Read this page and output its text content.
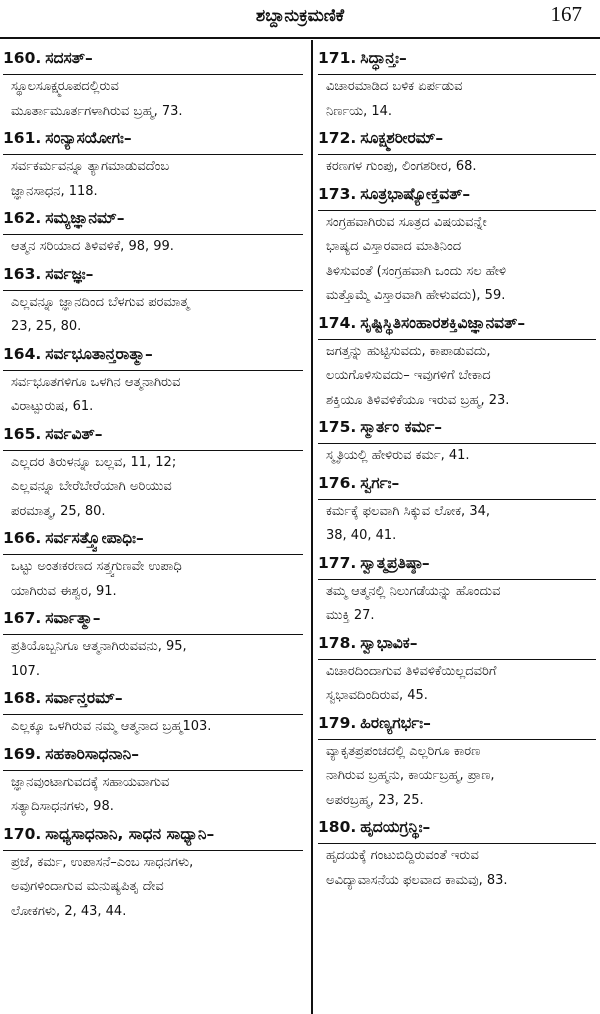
ಶಬ್ದಾನುಕ್ರಮಣಿಕೆ	167
160. ಸದಸತ್–
ಸ್ಥೂಲಸೂಕ್ಷ್ಮರೂಪದಲ್ಲಿರುವ
ಮೂರ್ತಾಮೂರ್ತಗಳಾಗಿರುವ ಬ್ರಹ್ಮ, 73.
161. ಸಂನ್ಯಾಸಯೋಗಃ–
ಸರ್ವಕರ್ಮವನ್ನೂ ತ್ಯಾಗಮಾಡುವದೆಂಬ
ಜ್ಞಾನಸಾಧನ, 118.
162. ಸಮ್ಯಜ್ಞಾನಮ್–
ಆತ್ಮನ ಸರಿಯಾದ ತಿಳಿವಳಿಕೆ, 98, 99.
163. ಸರ್ವಜ್ಞಃ–
ಎಲ್ಲವನ್ನೂ ಜ್ಞಾನದಿಂದ ಬೆಳಗುವ ಪರಮಾತ್ಮ
23, 25, 80.
164. ಸರ್ವಭೂತಾನ್ತರಾತ್ಮಾ–
ಸರ್ವಭೂತಗಳಿಗೂ ಒಳಗಿನ ಆತ್ಮನಾಗಿರುವ
ವಿರಾಟ್ಪುರುಷ, 61.
165. ಸರ್ವವಿತ್–
ಎಲ್ಲದರ ತಿರುಳನ್ನೂ ಬಲ್ಲವ, 11, 12;
ಎಲ್ಲವನ್ನೂ ಬೇರೆಬೇರೆಯಾಗಿ ಅರಿಯುವ
ಪರಮಾತ್ಮ, 25, 80.
166. ಸರ್ವಸತ್ತ್ವೋಪಾಧಿಃ–
ಒಟ್ಟು ಅಂತಃಕರಣದ ಸತ್ತ್ವಗುಣವೇ ಉಪಾಧಿ
ಯಾಗಿರುವ ಈಶ್ವರ, 91.
167. ಸರ್ವಾತ್ಮಾ–
ಪ್ರತಿಯೊಬ್ಬನಿಗೂ ಆತ್ಮನಾಗಿರುವವನು, 95,
107.
168. ಸರ್ವಾನ್ತರಮ್–
ಎಲ್ಲಕ್ಕೂ ಒಳಗಿರುವ ನಮ್ಮ ಆತ್ಮನಾದ ಬ್ರಹ್ಮ103.
169. ಸಹಕಾರಿಸಾಧನಾನಿ–
ಜ್ಞಾನವುಂಟಾಗುವದಕ್ಕೆ ಸಹಾಯವಾಗುವ
ಸತ್ಯಾದಿಸಾಧನಗಳು, 98.
170. ಸಾಧ್ಯಸಾಧನಾನಿ, ಸಾಧನ ಸಾಧ್ಯಾನಿ–
ಪ್ರಜೆ, ಕರ್ಮ, ಉಪಾಸನೆ–ಎಂಬ ಸಾಧನಗಳು,
ಅವುಗಳಿಂದಾಗುವ ಮನುಷ್ಯಪಿತೃ ದೇವ
ಲೋಕಗಳು, 2, 43, 44.
171. ಸಿದ್ಧಾನ್ತಃ–
ವಿಚಾರಮಾಡಿದ ಬಳಿಕ ಏರ್ಪಡುವ
ನಿರ್ಣಯ, 14.
172. ಸೂಕ್ಷ್ಮಶರೀರಮ್–
ಕರಣಗಳ ಗುಂಪು, ಲಿಂಗಶರೀರ, 68.
173. ಸೂತ್ರಭಾಷ್ಯೋಕ್ತವತ್–
ಸಂಗ್ರಹವಾಗಿರುವ ಸೂತ್ರದ ವಿಷಯವನ್ನೇ
ಭಾಷ್ಯದ ವಿಸ್ತಾರವಾದ ಮಾತಿನಿಂದ
ತಿಳಿಸುವಂತೆ (ಸಂಗ್ರಹವಾಗಿ ಒಂದು ಸಲ ಹೇಳಿ
ಮತ್ತೊಮ್ಮೆ ವಿಸ್ತಾರವಾಗಿ ಹೇಳುವದು), 59.
174. ಸೃಷ್ಟಿಸ್ಥಿತಿಸಂಹಾರಶಕ್ತಿವಿಜ್ಞಾನವತ್–
ಜಗತ್ತನ್ನು ಹುಟ್ಟಿಸುವದು, ಕಾಪಾಡುವದು,
ಲಯಗೊಳಿಸುವದು– ಇವುಗಳಿಗೆ ಬೇಕಾದ
ಶಕ್ತಿಯೂ ತಿಳಿವಳಿಕೆಯೂ ಇರುವ ಬ್ರಹ್ಮ, 23.
175. ಸ್ಮಾರ್ತಂ ಕರ್ಮ–
ಸ್ಮೃತಿಯಲ್ಲಿ ಹೇಳಿರುವ ಕರ್ಮ, 41.
176. ಸ್ವರ್ಗಃ–
ಕರ್ಮಕ್ಕೆ ಫಲವಾಗಿ ಸಿಕ್ಕುವ ಲೋಕ, 34,
38, 40, 41.
177. ಸ್ವಾತ್ಮಪ್ರತಿಷ್ಠಾ–
ತಮ್ಮ ಆತ್ಮನಲ್ಲಿ ನಿಲುಗಡೆಯನ್ನು ಹೊಂದುವ
ಮುಕ್ತಿ 27.
178. ಸ್ವಾಭಾವಿಕ–
ವಿಚಾರದಿಂದಾಗುವ ತಿಳಿವಳಿಕೆಯಿಲ್ಲದವರಿಗೆ
ಸ್ವಭಾವದಿಂದಿರುವ, 45.
179. ಹಿರಣ್ಯಗರ್ಭಃ–
ವ್ಯಾಕೃತಪ್ರಪಂಚದಲ್ಲಿ ಎಲ್ಲರಿಗೂ ಕಾರಣ
ನಾಗಿರುವ ಬ್ರಹ್ಮನು, ಕಾರ್ಯಬ್ರಹ್ಮ, ಪ್ರಾಣ,
ಅಪರಬ್ರಹ್ಮ, 23, 25.
180. ಹೃದಯಗ್ರನ್ಥಿಃ–
ಹೃದಯಕ್ಕೆ ಗಂಟುಬಿದ್ದಿರುವಂತೆ ಇರುವ
ಅವಿದ್ಯಾವಾಸನೆಯ ಫಲವಾದ ಕಾಮವು, 83.
